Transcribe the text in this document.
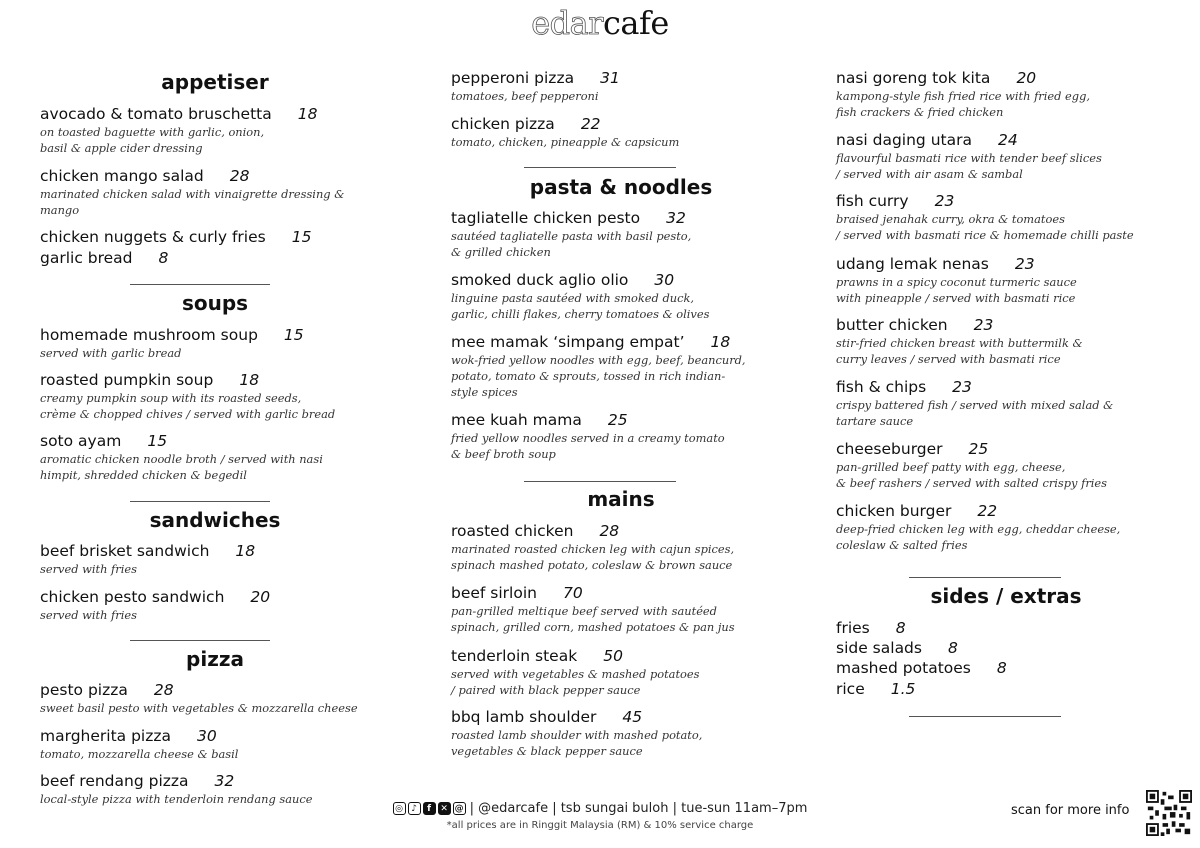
edarcafe
appetiser
avocado & tomato bruschetta 18
on toasted baguette with garlic, onion,
basil & apple cider dressing
chicken mango salad 28
marinated chicken salad with vinaigrette dressing &
mango
chicken nuggets & curly fries 15
garlic bread 8
soups
homemade mushroom soup 15
served with garlic bread
roasted pumpkin soup 18
creamy pumpkin soup with its roasted seeds,
crème & chopped chives / served with garlic bread
soto ayam 15
aromatic chicken noodle broth / served with nasi
himpit, shredded chicken & begedil
sandwiches
beef brisket sandwich 18
served with fries
chicken pesto sandwich 20
served with fries
pizza
pesto pizza 28
sweet basil pesto with vegetables & mozzarella cheese
margherita pizza 30
tomato, mozzarella cheese & basil
beef rendang pizza 32
local-style pizza with tenderloin rendang sauce
pepperoni pizza 31
tomatoes, beef pepperoni
chicken pizza 22
tomato, chicken, pineapple & capsicum
pasta & noodles
tagliatelle chicken pesto 32
sautéed tagliatelle pasta with basil pesto,
& grilled chicken
smoked duck aglio olio 30
linguine pasta sautéed with smoked duck,
garlic, chilli flakes, cherry tomatoes & olives
mee mamak ‘simpang empat’ 18
wok-fried yellow noodles with egg, beef, beancurd,
potato, tomato & sprouts, tossed in rich indian-
style spices
mee kuah mama 25
fried yellow noodles served in a creamy tomato
& beef broth soup
mains
roasted chicken 28
marinated roasted chicken leg with cajun spices,
spinach mashed potato, coleslaw & brown sauce
beef sirloin 70
pan-grilled meltique beef served with sautéed
spinach, grilled corn, mashed potatoes & pan jus
tenderloin steak 50
served with vegetables & mashed potatoes
/ paired with black pepper sauce
bbq lamb shoulder 45
roasted lamb shoulder with mashed potato,
vegetables & black pepper sauce
nasi goreng tok kita 20
kampong-style fish fried rice with fried egg,
fish crackers & fried chicken
nasi daging utara 24
flavourful basmati rice with tender beef slices
/ served with air asam & sambal
fish curry 23
braised jenahak curry, okra & tomatoes
/ served with basmati rice & homemade chilli paste
udang lemak nenas 23
prawns in a spicy coconut turmeric sauce
with pineapple / served with basmati rice
butter chicken 23
stir-fried chicken breast with buttermilk &
curry leaves / served with basmati rice
fish & chips 23
crispy battered fish / served with mixed salad &
tartare sauce
cheeseburger 25
pan-grilled beef patty with egg, cheese,
& beef rashers / served with salted crispy fries
chicken burger 22
deep-fried chicken leg with egg, cheddar cheese,
coleslaw & salted fries
sides / extras
fries 8
side salads 8
mashed potatoes 8
rice 1.5
◎ ♪	f	✕ @ | @edarcafe | tsb sungai buloh | tue-sun 11am–7pm
*all prices are in Ringgit Malaysia (RM) & 10% service charge
scan for more info
